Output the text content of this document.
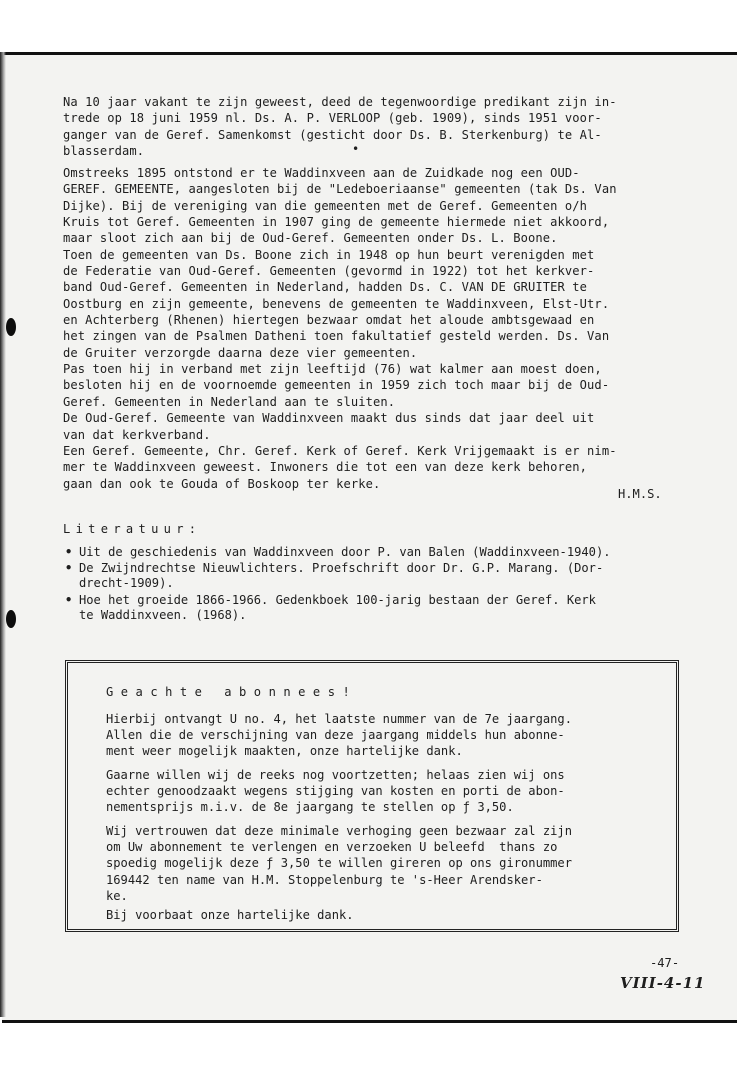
Na 10 jaar vakant te zijn geweest, deed de tegenwoordige predikant zijn in-
trede op 18 juni 1959 nl. Ds. A. P. VERLOOP (geb. 1909), sinds 1951 voor-
ganger van de Geref. Samenkomst (gesticht door Ds. B. Sterkenburg) te Al-
blasserdam.	•
Omstreeks 1895 ontstond er te Waddinxveen aan de Zuidkade nog een OUD-
GEREF. GEMEENTE, aangesloten bij de "Ledeboeriaanse" gemeenten (tak Ds. Van
Dijke). Bij de vereniging van die gemeenten met de Geref. Gemeenten o/h
Kruis tot Geref. Gemeenten in 1907 ging de gemeente hiermede niet akkoord,
maar sloot zich aan bij de Oud-Geref. Gemeenten onder Ds. L. Boone.
Toen de gemeenten van Ds. Boone zich in 1948 op hun beurt verenigden met
de Federatie van Oud-Geref. Gemeenten (gevormd in 1922) tot het kerkver-
band Oud-Geref. Gemeenten in Nederland, hadden Ds. C. VAN DE GRUITER te
Oostburg en zijn gemeente, benevens de gemeenten te Waddinxveen, Elst-Utr.
en Achterberg (Rhenen) hiertegen bezwaar omdat het aloude ambtsgewaad en
het zingen van de Psalmen Datheni toen fakultatief gesteld werden. Ds. Van
de Gruiter verzorgde daarna deze vier gemeenten.
Pas toen hij in verband met zijn leeftijd (76) wat kalmer aan moest doen,
besloten hij en de voornoemde gemeenten in 1959 zich toch maar bij de Oud-
Geref. Gemeenten in Nederland aan te sluiten.
De Oud-Geref. Gemeente van Waddinxveen maakt dus sinds dat jaar deel uit
van dat kerkverband.
Een Geref. Gemeente, Chr. Geref. Kerk of Geref. Kerk Vrijgemaakt is er nim-
mer te Waddinxveen geweest. Inwoners die tot een van deze kerk behoren,
gaan dan ook te Gouda of Boskoop ter kerke.
H.M.S.
Literatuur:
• Uit de geschiedenis van Waddinxveen door P. van Balen (Waddinxveen-1940).
• De Zwijndrechtse Nieuwlichters. Proefschrift door Dr. G.P. Marang. (Dor-
drecht-1909).
• Hoe het groeide 1866-1966. Gedenkboek 100-jarig bestaan der Geref. Kerk
te Waddinxveen. (1968).
Geachte abonnees!
Hierbij ontvangt U no. 4, het laatste nummer van de 7e jaargang.
Allen die de verschijning van deze jaargang middels hun abonne-
ment weer mogelijk maakten, onze hartelijke dank.
Gaarne willen wij de reeks nog voortzetten; helaas zien wij ons
echter genoodzaakt wegens stijging van kosten en porti de abon-
nementsprijs m.i.v. de 8e jaargang te stellen op ƒ 3,50.
Wij vertrouwen dat deze minimale verhoging geen bezwaar zal zijn
om Uw abonnement te verlengen en verzoeken U beleefd  thans zo
spoedig mogelijk deze ƒ 3,50 te willen gireren op ons gironummer
169442 ten name van H.M. Stoppelenburg te 's-Heer Arendsker-
ke.
Bij voorbaat onze hartelijke dank.
-47-
VIII-4-11
